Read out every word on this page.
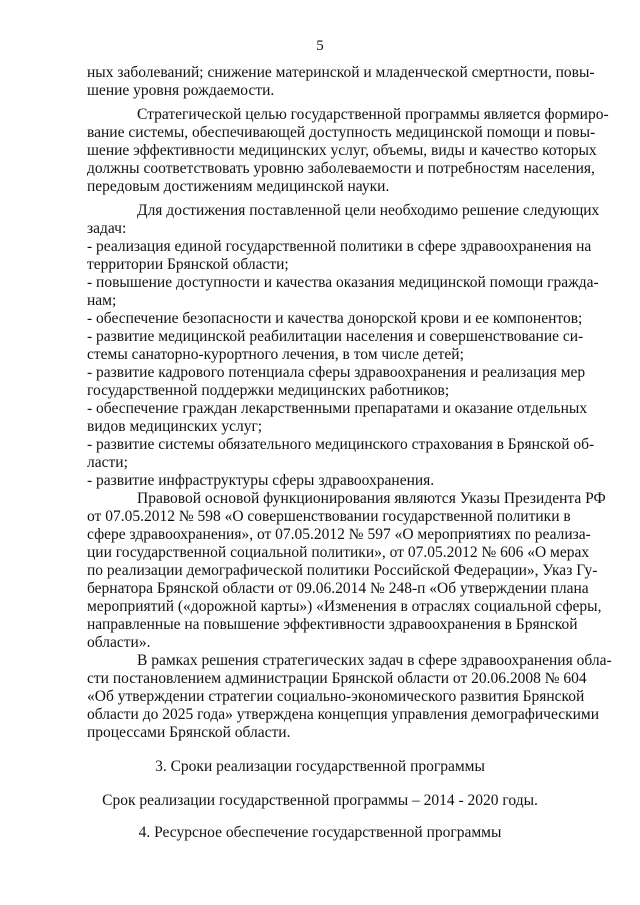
5
ных заболеваний; снижение материнской и младенческой смертности, повы-
шение уровня рождаемости.
Стратегической целью государственной программы является формиро-
вание системы, обеспечивающей доступность медицинской помощи и повы-
шение эффективности медицинских услуг, объемы, виды и качество которых
должны соответствовать уровню заболеваемости и потребностям населения,
передовым достижениям медицинской науки.
Для достижения поставленной цели необходимо решение следующих
задач:
- реализация единой государственной политики в сфере здравоохранения на
территории Брянской области;
- повышение доступности и качества оказания медицинской помощи гражда-
нам;
- обеспечение безопасности и качества донорской крови и ее компонентов;
- развитие медицинской реабилитации населения и совершенствование си-
стемы санаторно-курортного лечения, в том числе детей;
- развитие кадрового потенциала сферы здравоохранения и реализация мер
государственной поддержки медицинских работников;
- обеспечение граждан лекарственными препаратами и оказание отдельных
видов медицинских услуг;
- развитие системы обязательного медицинского страхования в Брянской об-
ласти;
- развитие инфраструктуры сферы здравоохранения.
Правовой основой функционирования являются Указы Президента РФ
от 07.05.2012 № 598 «О совершенствовании государственной политики в
сфере здравоохранения», от 07.05.2012 № 597 «О мероприятиях по реализа-
ции государственной социальной политики», от 07.05.2012 № 606 «О мерах
по реализации демографической политики Российской Федерации», Указ Гу-
бернатора Брянской области от 09.06.2014 № 248-п «Об утверждении плана
мероприятий («дорожной карты») «Изменения в отраслях социальной сферы,
направленные на повышение эффективности здравоохранения в Брянской
области».
В рамках решения стратегических задач в сфере здравоохранения обла-
сти постановлением администрации Брянской области от 20.06.2008 № 604
«Об утверждении стратегии социально-экономического развития Брянской
области до 2025 года» утверждена концепция управления демографическими
процессами Брянской области.
3. Сроки реализации государственной программы
Срок реализации государственной программы – 2014 - 2020 годы.
4. Ресурсное обеспечение государственной программы
